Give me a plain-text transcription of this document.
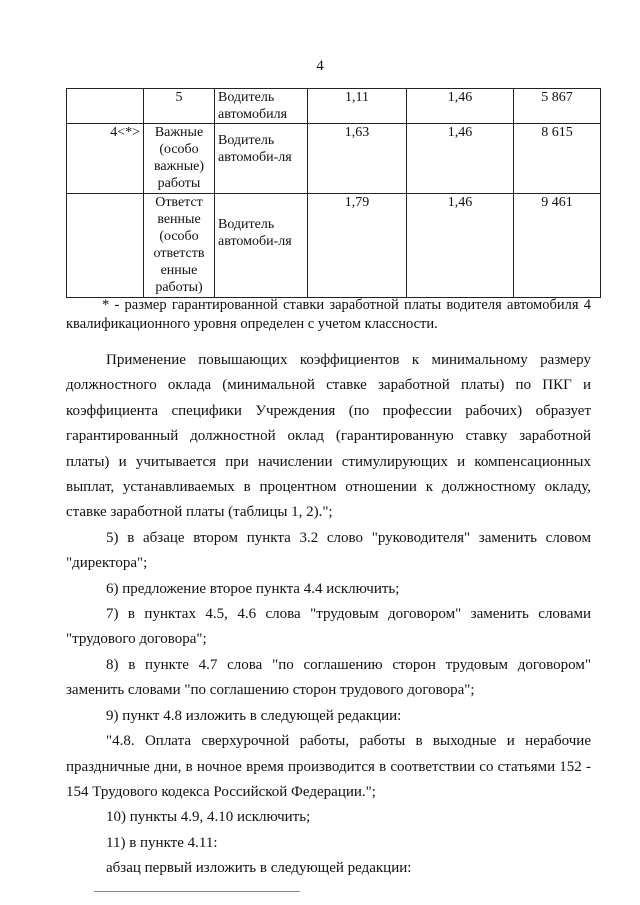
4
	5	Водитель автомобиля	1,11	1,46	5 867
4<*>	Важные (особо важные) работы	Водитель автомоби-ля	1,63	1,46	8 615
	Ответст венные (особо ответств енные работы)	Водитель автомоби-ля	1,79	1,46	9 461
* - размер гарантированной ставки заработной платы водителя автомобиля 4 квалификационного уровня определен с учетом классности.

Применение повышающих коэффициентов к минимальному размеру должностного оклада (минимальной ставке заработной платы) по ПКГ и коэффициента специфики Учреждения (по профессии рабочих) образует гарантированный должностной оклад (гарантированную ставку заработной платы) и учитывается при начислении стимулирующих и компенсационных выплат, устанавливаемых в процентном отношении к должностному окладу, ставке заработной платы (таблицы 1, 2).";

5) в абзаце втором пункта 3.2 слово "руководителя" заменить словом "директора";

6) предложение второе пункта 4.4 исключить;

7) в пунктах 4.5, 4.6 слова "трудовым договором" заменить словами "трудового договора";

8) в пункте 4.7 слова "по соглашению сторон трудовым договором" заменить словами "по соглашению сторон трудового договора";

9) пункт 4.8 изложить в следующей редакции:

"4.8. Оплата сверхурочной работы, работы в выходные и нерабочие праздничные дни, в ночное время производится в соответствии со статьями 152 - 154 Трудового кодекса Российской Федерации.";

10) пункты 4.9, 4.10 исключить;

11) в пункте 4.11:

абзац первый изложить в следующей редакции:
